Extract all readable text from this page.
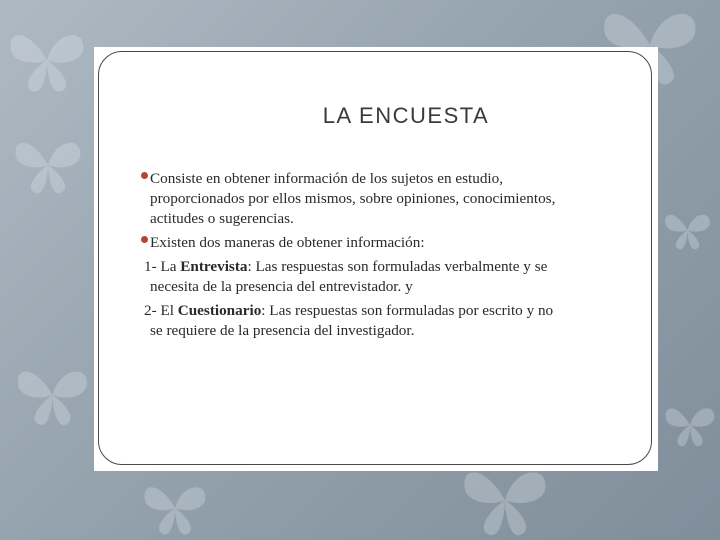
LA ENCUESTA
Consiste en obtener información de los sujetos en estudio,
proporcionados por ellos mismos, sobre opiniones, conocimientos,
actitudes o sugerencias.
Existen dos maneras de obtener información:
1- La Entrevista: Las respuestas son formuladas verbalmente y se
necesita de la presencia del entrevistador. y
2- El Cuestionario: Las respuestas son formuladas por escrito y no
se requiere de la presencia del investigador.
